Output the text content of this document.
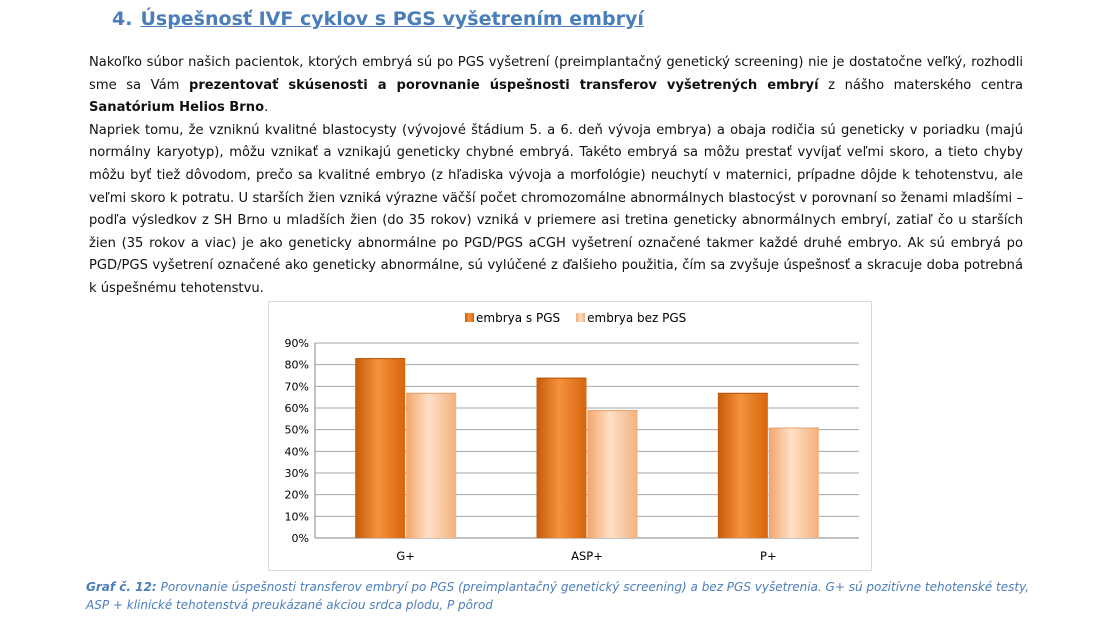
4. Úspešnosť IVF cyklov s PGS vyšetrením embryí

Nakoľko súbor našich pacientok, ktorých embryá sú po PGS vyšetrení (preimplantačný genetický screening) nie je dostatočne veľký, rozhodli sme sa Vám prezentovať skúsenosti a porovnanie úspešnosti transferov vyšetrených embryí z nášho materského centra Sanatórium Helios Brno.

Napriek tomu, že vzniknú kvalitné blastocysty (vývojové štádium 5. a 6. deň vývoja embrya) a obaja rodičia sú geneticky v poriadku (majú normálny karyotyp), môžu vznikať a vznikajú geneticky chybné embryá. Takéto embryá sa môžu prestať vyvíjať veľmi skoro, a tieto chyby môžu byť tiež dôvodom, prečo sa kvalitné embryo (z hľadiska vývoja a morfológie) neuchytí v maternici, prípadne dôjde k tehotenstvu, ale veľmi skoro k potratu. U starších žien vzniká výrazne väčší počet chromozomálne abnormálnych blastocýst v porovnaní so ženami mladšími – podľa výsledkov z SH Brno u mladších žien (do 35 rokov) vzniká v priemere asi tretina geneticky abnormálnych embryí, zatiaľ čo u starších žien (35 rokov a viac) je ako geneticky abnormálne po PGD/PGS aCGH vyšetrení označené takmer každé druhé embryo. Ak sú embryá po PGD/PGS vyšetrení označené ako geneticky abnormálne, sú vylúčené z ďalšieho použitia, čím sa zvyšuje úspešnosť a skracuje doba potrebná k úspešnému tehotenstvu.

0%
10%
20%
30%
40%
50%
60%
70%
80%
90%
G+	ASP+	P+
embrya s PGS embrya bez PGS
Graf č. 12: Porovnanie úspešnosti transferov embryí po PGS (preimplantačný genetický screening) a bez PGS vyšetrenia. G+ sú pozitívne tehotenské testy, ASP + klinické tehotenstvá preukázané akciou srdca plodu, P pôrod
